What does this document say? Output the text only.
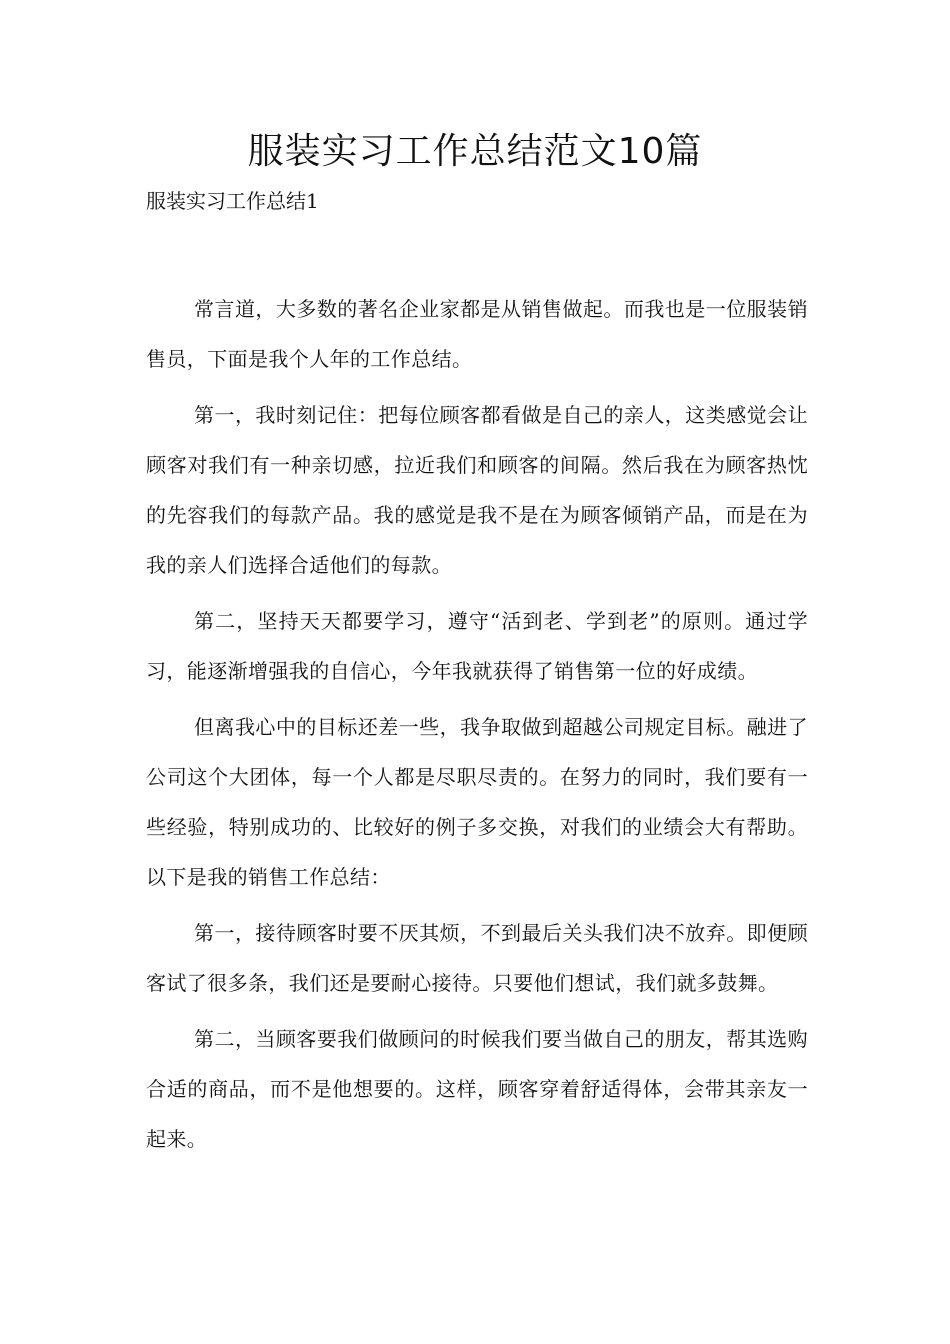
服装实习工作总结范文10篇

服装实习工作总结1

常言道，大多数的著名企业家都是从销售做起。而我也是一位服装销售员，下面是我个人年的工作总结。

第一，我时刻记住：把每位顾客都看做是自己的亲人，这类感觉会让顾客对我们有一种亲切感，拉近我们和顾客的间隔。然后我在为顾客热忱的先容我们的每款产品。我的感觉是我不是在为顾客倾销产品，而是在为我的亲人们选择合适他们的每款。

第二，坚持天天都要学习，遵守“活到老、学到老”的原则。通过学习，能逐渐增强我的自信心，今年我就获得了销售第一位的好成绩。

但离我心中的目标还差一些，我争取做到超越公司规定目标。融进了公司这个大团体，每一个人都是尽职尽责的。在努力的同时，我们要有一些经验，特别成功的、比较好的例子多交换，对我们的业绩会大有帮助。以下是我的销售工作总结：

第一，接待顾客时要不厌其烦，不到最后关头我们决不放弃。即便顾客试了很多条，我们还是要耐心接待。只要他们想试，我们就多鼓舞。

第二，当顾客要我们做顾问的时候我们要当做自己的朋友，帮其选购合适的商品，而不是他想要的。这样，顾客穿着舒适得体，会带其亲友一起来。
